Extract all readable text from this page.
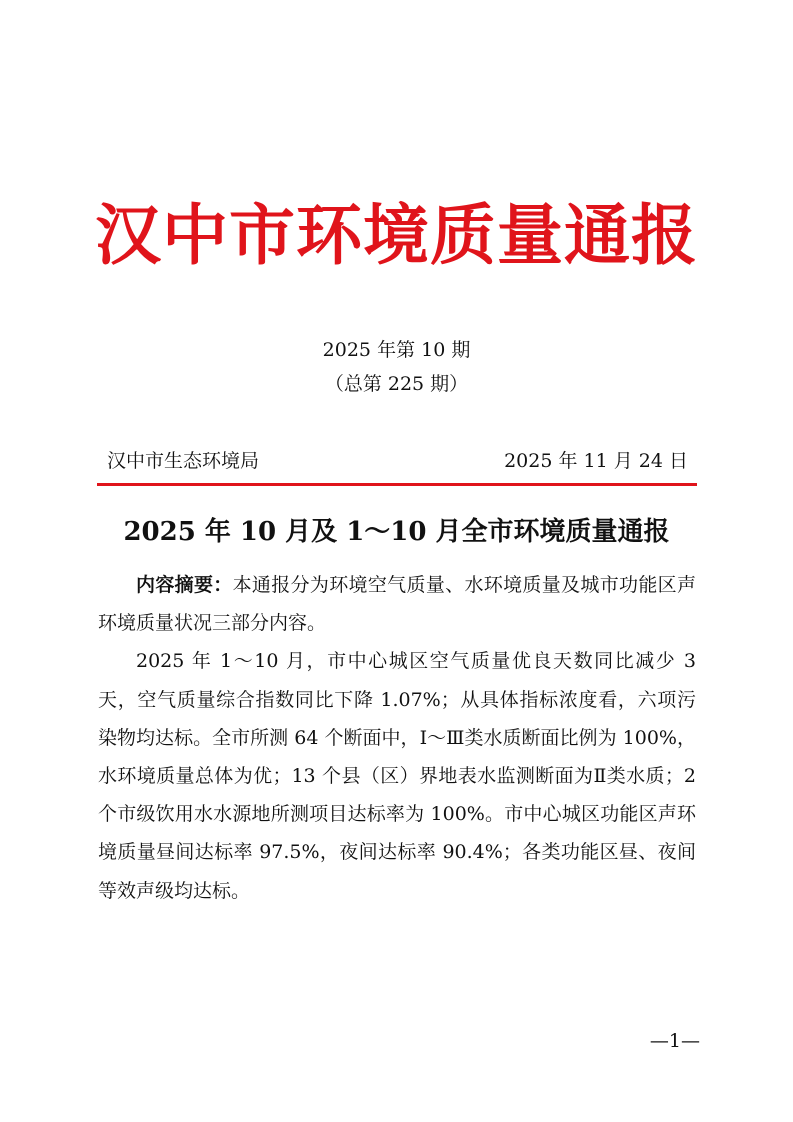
汉中市环境质量通报
2025 年第 10 期
（总第 225 期）
汉中市生态环境局	2025 年 11 月 24 日
2025 年 10 月及 1～10 月全市环境质量通报

内容摘要：本通报分为环境空气质量、水环境质量及城市功能区声环境质量状况三部分内容。

2025 年 1～10 月，市中心城区空气质量优良天数同比减少 3 天，空气质量综合指数同比下降 1.07%；从具体指标浓度看，六项污染物均达标。全市所测 64 个断面中，Ⅰ～Ⅲ类水质断面比例为 100%，水环境质量总体为优；13 个县（区）界地表水监测断面为Ⅱ类水质；2 个市级饮用水水源地所测项目达标率为 100%。市中心城区功能区声环境质量昼间达标率 97.5%，夜间达标率 90.4%；各类功能区昼、夜间等效声级均达标。

—1—
